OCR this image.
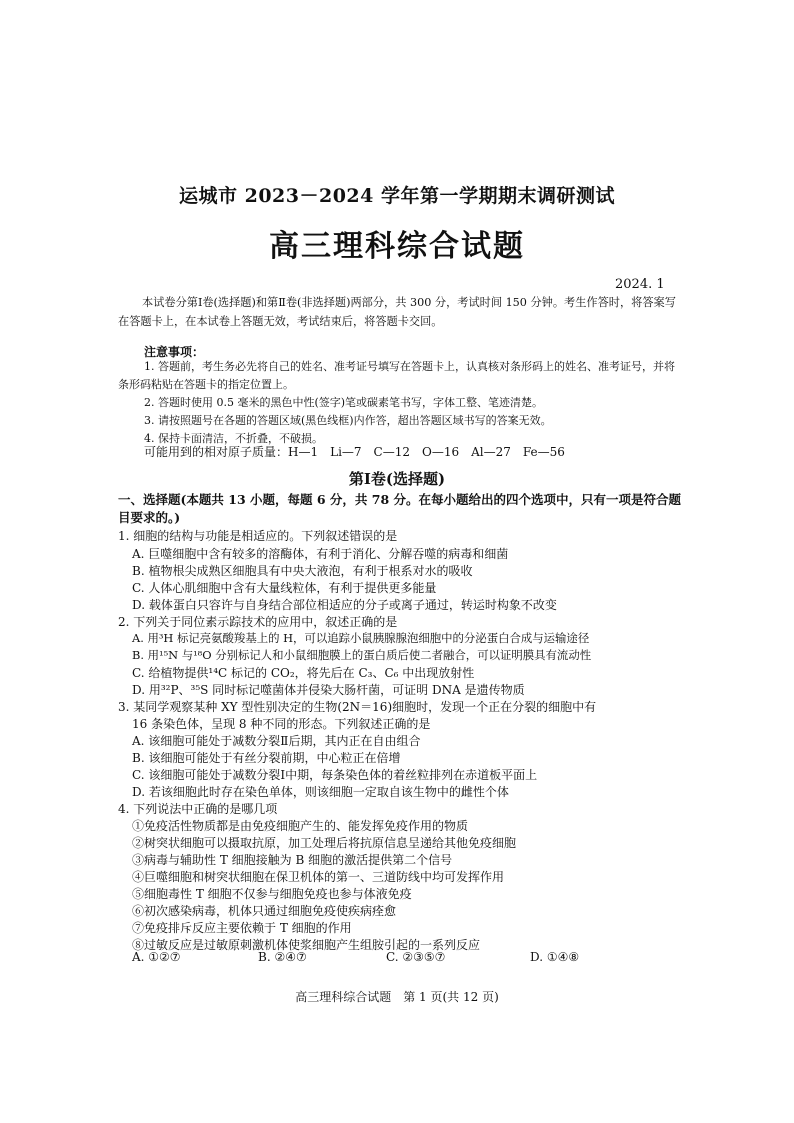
运城市 2023－2024 学年第一学期期末调研测试
高三理科综合试题
2024. 1
本试卷分第Ⅰ卷(选择题)和第Ⅱ卷(非选择题)两部分，共 300 分，考试时间 150 分钟。考生作答时，将答案写在答题卡上，在本试卷上答题无效，考试结束后，将答题卡交回。
注意事项：
1. 答题前，考生务必先将自己的姓名、准考证号填写在答题卡上，认真核对条形码上的姓名、准考证号，并将条形码粘贴在答题卡的指定位置上。
2. 答题时使用 0.5 毫米的黑色中性(签字)笔或碳素笔书写，字体工整、笔迹清楚。
3. 请按照题号在各题的答题区域(黑色线框)内作答，超出答题区域书写的答案无效。
4. 保持卡面清洁，不折叠，不破损。
可能用到的相对原子质量：H—1　Li—7　C—12　O—16　Al—27　Fe—56
第Ⅰ卷(选择题)
一、选择题(本题共 13 小题，每题 6 分，共 78 分。在每小题给出的四个选项中，只有一项是符合题目要求的。)
1. 细胞的结构与功能是相适应的。下列叙述错误的是
A. 巨噬细胞中含有较多的溶酶体，有利于消化、分解吞噬的病毒和细菌
B. 植物根尖成熟区细胞具有中央大液泡，有利于根系对水的吸收
C. 人体心肌细胞中含有大量线粒体，有利于提供更多能量
D. 载体蛋白只容许与自身结合部位相适应的分子或离子通过，转运时构象不改变
2. 下列关于同位素示踪技术的应用中，叙述正确的是
A. 用³H 标记亮氨酸羧基上的 H，可以追踪小鼠胰腺腺泡细胞中的分泌蛋白合成与运输途径
B. 用¹⁵N 与¹⁸O 分别标记人和小鼠细胞膜上的蛋白质后使二者融合，可以证明膜具有流动性
C. 给植物提供¹⁴C 标记的 CO₂，将先后在 C₃、C₆ 中出现放射性
D. 用³²P、³⁵S 同时标记噬菌体并侵染大肠杆菌，可证明 DNA 是遗传物质
3. 某同学观察某种 XY 型性别决定的生物(2N＝16)细胞时，发现一个正在分裂的细胞中有
16 条染色体，呈现 8 种不同的形态。下列叙述正确的是
A. 该细胞可能处于减数分裂Ⅱ后期，其内正在自由组合
B. 该细胞可能处于有丝分裂前期，中心粒正在倍增
C. 该细胞可能处于减数分裂Ⅰ中期，每条染色体的着丝粒排列在赤道板平面上
D. 若该细胞此时存在染色单体，则该细胞一定取自该生物中的雌性个体
4. 下列说法中正确的是哪几项
①免疫活性物质都是由免疫细胞产生的、能发挥免疫作用的物质
②树突状细胞可以摄取抗原，加工处理后将抗原信息呈递给其他免疫细胞
③病毒与辅助性 T 细胞接触为 B 细胞的激活提供第二个信号
④巨噬细胞和树突状细胞在保卫机体的第一、三道防线中均可发挥作用
⑤细胞毒性 T 细胞不仅参与细胞免疫也参与体液免疫
⑥初次感染病毒，机体只通过细胞免疫使疾病痊愈
⑦免疫排斥反应主要依赖于 T 细胞的作用
⑧过敏反应是过敏原刺激机体使浆细胞产生组胺引起的一系列反应
A. ①②⑦	B. ②④⑦	C. ②③⑤⑦	D. ①④⑧
高三理科综合试题　第 1 页(共 12 页)
